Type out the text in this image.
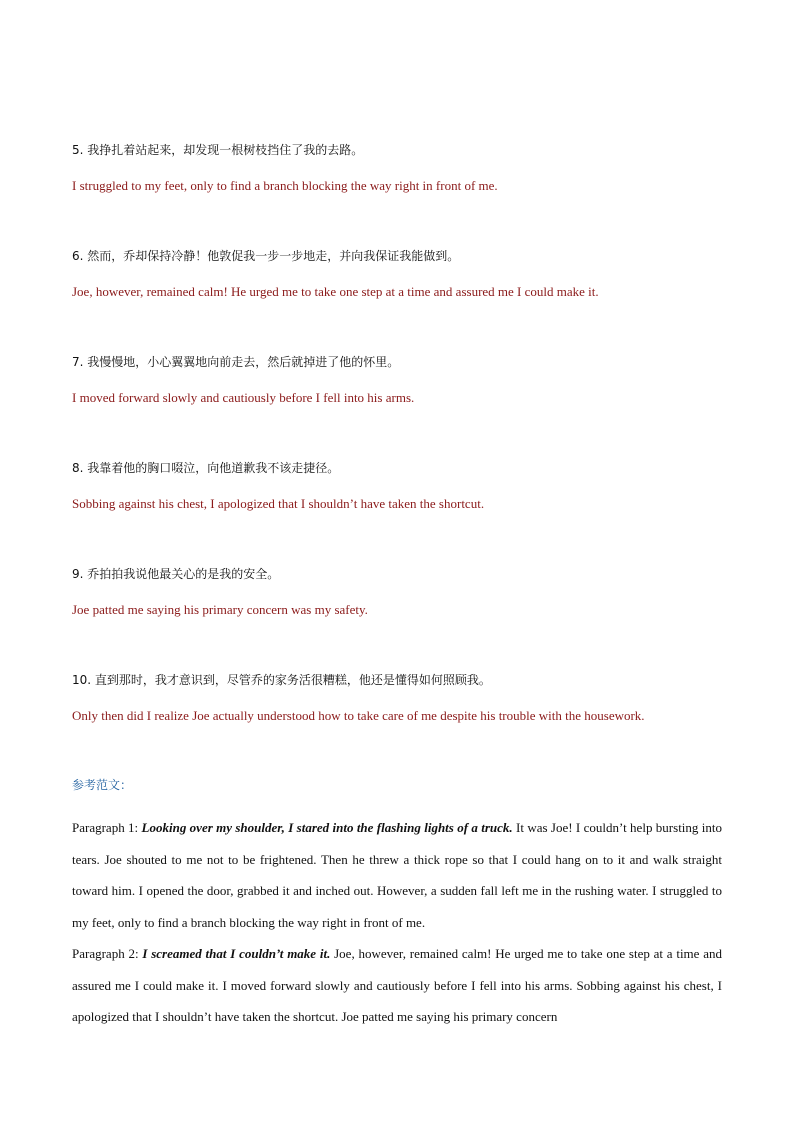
5. 我挣扎着站起来，却发现一根树枝挡住了我的去路。
I struggled to my feet, only to find a branch blocking the way right in front of me.
6. 然而，乔却保持冷静！他敦促我一步一步地走，并向我保证我能做到。
Joe, however, remained calm! He urged me to take one step at a time and assured me I could make it.
7. 我慢慢地，小心翼翼地向前走去，然后就掉进了他的怀里。
I moved forward slowly and cautiously before I fell into his arms.
8. 我靠着他的胸口啜泣，向他道歉我不该走捷径。
Sobbing against his chest, I apologized that I shouldn’t have taken the shortcut.
9. 乔拍拍我说他最关心的是我的安全。
Joe patted me saying his primary concern was my safety.
10. 直到那时，我才意识到，尽管乔的家务活很糟糕，他还是懂得如何照顾我。
Only then did I realize Joe actually understood how to take care of me despite his trouble with the housework.
参考范文：

Paragraph 1: Looking over my shoulder, I stared into the flashing lights of a truck. It was Joe! I couldn’t help bursting into tears. Joe shouted to me not to be frightened. Then he threw a thick rope so that I could hang on to it and walk straight toward him. I opened the door, grabbed it and inched out. However, a sudden fall left me in the rushing water. I struggled to my feet, only to find a branch blocking the way right in front of me.

Paragraph 2: I screamed that I couldn’t make it. Joe, however, remained calm! He urged me to take one step at a time and assured me I could make it. I moved forward slowly and cautiously before I fell into his arms. Sobbing against his chest, I apologized that I shouldn’t have taken the shortcut. Joe patted me saying his primary concern
